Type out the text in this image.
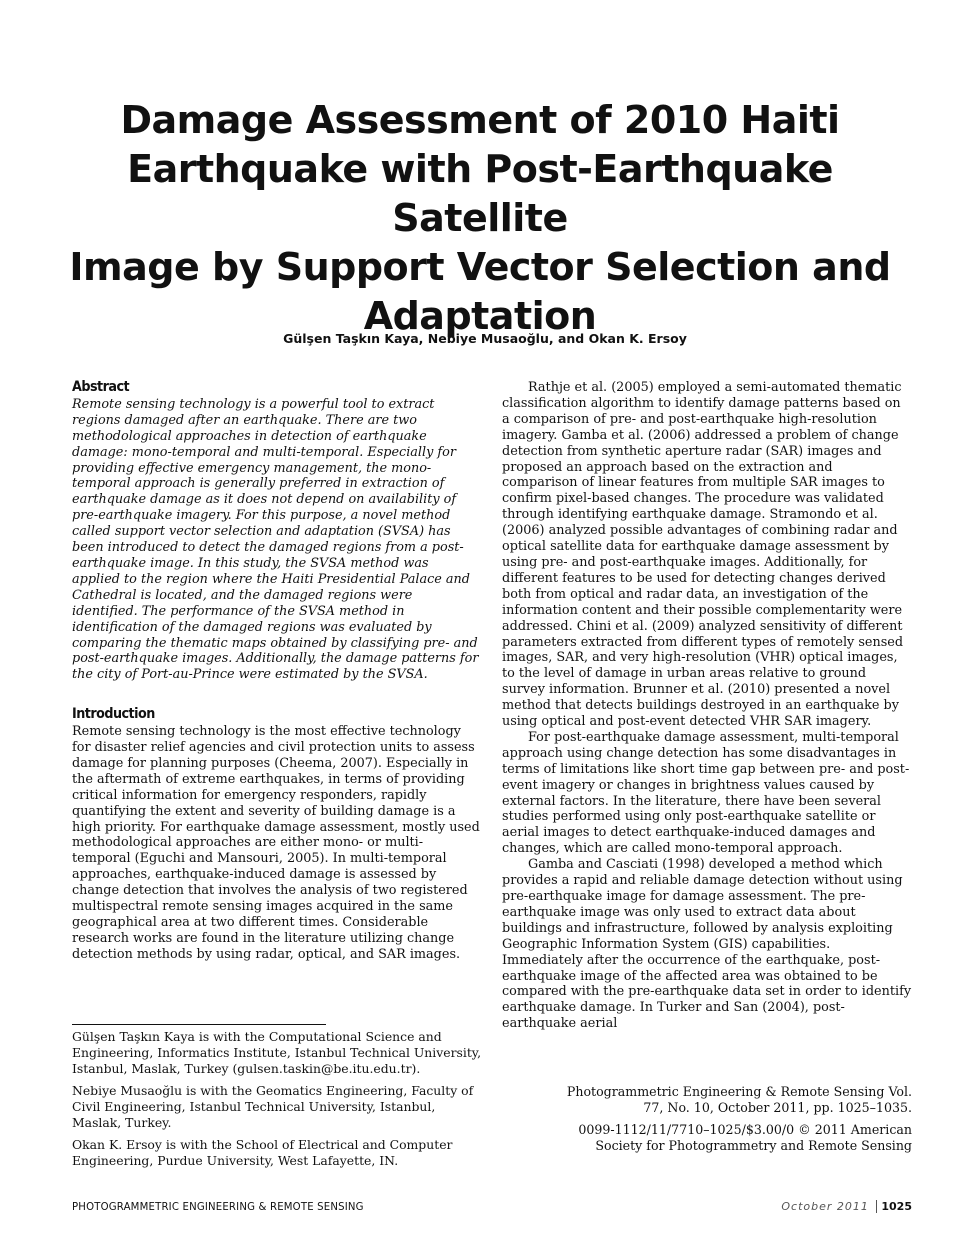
Damage Assessment of 2010 Haiti
Earthquake with Post-Earthquake Satellite
Image by Support Vector Selection and
Adaptation

Gülşen Taşkın Kaya, Nebiye Musaoğlu, and Okan K. Ersoy

Abstract

Remote sensing technology is a powerful tool to extract regions damaged after an earthquake. There are two methodological approaches in detection of earthquake damage: mono-temporal and multi-temporal. Especially for providing effective emergency management, the mono-temporal approach is generally preferred in extraction of earthquake damage as it does not depend on availability of pre-earthquake imagery. For this purpose, a novel method called support vector selection and adaptation (SVSA) has been introduced to detect the damaged regions from a post-earthquake image. In this study, the SVSA method was applied to the region where the Haiti Presidential Palace and Cathedral is located, and the damaged regions were identified. The performance of the SVSA method in identification of the damaged regions was evaluated by comparing the thematic maps obtained by classifying pre- and post-earthquake images. Additionally, the damage patterns for the city of Port-au-Prince were estimated by the SVSA.

Introduction

Remote sensing technology is the most effective technology for disaster relief agencies and civil protection units to assess damage for planning purposes (Cheema, 2007). Especially in the aftermath of extreme earthquakes, in terms of providing critical information for emergency responders, rapidly quantifying the extent and severity of building damage is a high priority. For earthquake damage assessment, mostly used methodological approaches are either mono- or multi- temporal (Eguchi and Mansouri, 2005). In multi-temporal approaches, earthquake-induced damage is assessed by change detection that involves the analysis of two registered multispectral remote sensing images acquired in the same geographical area at two different times. Considerable research works are found in the literature utilizing change detection methods by using radar, optical, and SAR images.

Rathje et al. (2005) employed a semi-automated thematic classification algorithm to identify damage patterns based on a comparison of pre- and post-earthquake high-resolution imagery. Gamba et al. (2006) addressed a problem of change detection from synthetic aperture radar (SAR) images and proposed an approach based on the extraction and comparison of linear features from multiple SAR images to confirm pixel-based changes. The procedure was validated through identifying earthquake damage. Stramondo et al. (2006) analyzed possible advantages of combining radar and optical satellite data for earthquake damage assessment by using pre- and post-earthquake images. Additionally, for different features to be used for detecting changes derived both from optical and radar data, an investigation of the information content and their possible complementarity were addressed. Chini et al. (2009) analyzed sensitivity of different parameters extracted from different types of remotely sensed images, SAR, and very high-resolution (VHR) optical images, to the level of damage in urban areas relative to ground survey information. Brunner et al. (2010) presented a novel method that detects buildings destroyed in an earthquake by using optical and post-event detected VHR SAR imagery.

For post-earthquake damage assessment, multi-temporal approach using change detection has some disadvantages in terms of limitations like short time gap between pre- and post-event imagery or changes in brightness values caused by external factors. In the literature, there have been several studies performed using only post-earthquake satellite or aerial images to detect earthquake-induced damages and changes, which are called mono-temporal approach.

Gamba and Casciati (1998) developed a method which provides a rapid and reliable damage detection without using pre-earthquake image for damage assessment. The pre-earthquake image was only used to extract data about buildings and infrastructure, followed by analysis exploiting Geographic Information System (GIS) capabilities. Immediately after the occurrence of the earthquake, post-earthquake image of the affected area was obtained to be compared with the pre-earthquake data set in order to identify earthquake damage. In Turker and San (2004), post-earthquake aerial

Gülşen Taşkın Kaya is with the Computational Science and Engineering, Informatics Institute, Istanbul Technical University, Istanbul, Maslak, Turkey (gulsen.taskin@be.itu.edu.tr).

Nebiye Musaoğlu is with the Geomatics Engineering, Faculty of Civil Engineering, Istanbul Technical University, Istanbul, Maslak, Turkey.

Okan K. Ersoy is with the School of Electrical and Computer Engineering, Purdue University, West Lafayette, IN.

Photogrammetric Engineering & Remote Sensing Vol. 77, No. 10, October 2011, pp. 1025–1035.

0099-1112/11/7710–1025/$3.00/0 © 2011 American Society for Photogrammetry and Remote Sensing

PHOTOGRAMMETRIC ENGINEERING & REMOTE SENSING	October 2011 1025
